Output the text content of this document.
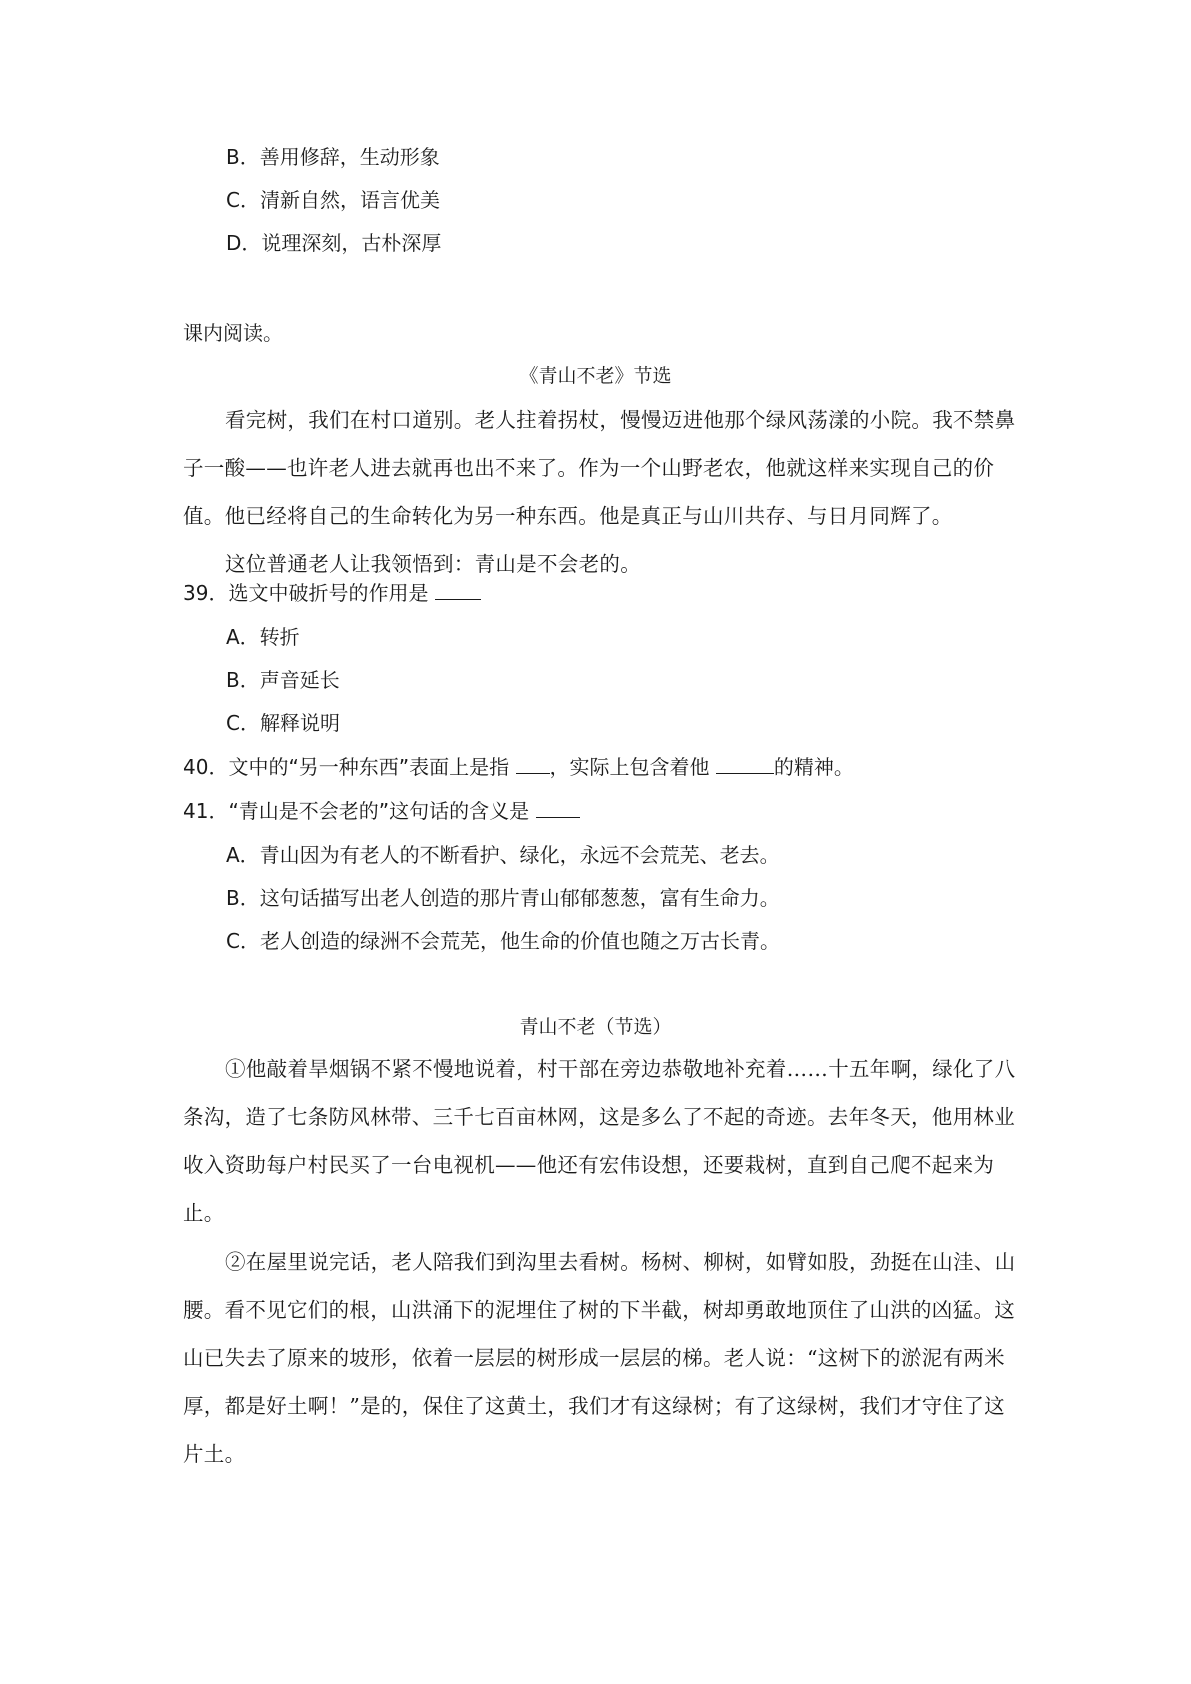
B．善用修辞，生动形象
C．清新自然，语言优美
D．说理深刻，古朴深厚
课内阅读。
《青山不老》节选
看完树，我们在村口道别。老人拄着拐杖，慢慢迈进他那个绿风荡漾的小院。我不禁鼻子一酸——也许老人进去就再也出不来了。作为一个山野老农，他就这样来实现自己的价值。他已经将自己的生命转化为另一种东西。他是真正与山川共存、与日月同辉了。
这位普通老人让我领悟到：青山是不会老的。
39．选文中破折号的作用是
A．转折
B．声音延长
C．解释说明
40．文中的“另一种东西”表面上是指 ，实际上包含着他	的精神。
41．“青山是不会老的”这句话的含义是
A．青山因为有老人的不断看护、绿化，永远不会荒芜、老去。
B．这句话描写出老人创造的那片青山郁郁葱葱，富有生命力。
C．老人创造的绿洲不会荒芜，他生命的价值也随之万古长青。
青山不老（节选）
①他敲着旱烟锅不紧不慢地说着，村干部在旁边恭敬地补充着……十五年啊，绿化了八条沟，造了七条防风林带、三千七百亩林网，这是多么了不起的奇迹。去年冬天，他用林业收入资助每户村民买了一台电视机——他还有宏伟设想，还要栽树，直到自己爬不起来为止。
②在屋里说完话，老人陪我们到沟里去看树。杨树、柳树，如臂如股，劲挺在山洼、山腰。看不见它们的根，山洪涌下的泥埋住了树的下半截，树却勇敢地顶住了山洪的凶猛。这山已失去了原来的坡形，依着一层层的树形成一层层的梯。老人说：“这树下的淤泥有两米厚，都是好土啊！”是的，保住了这黄土，我们才有这绿树；有了这绿树，我们才守住了这片土。
